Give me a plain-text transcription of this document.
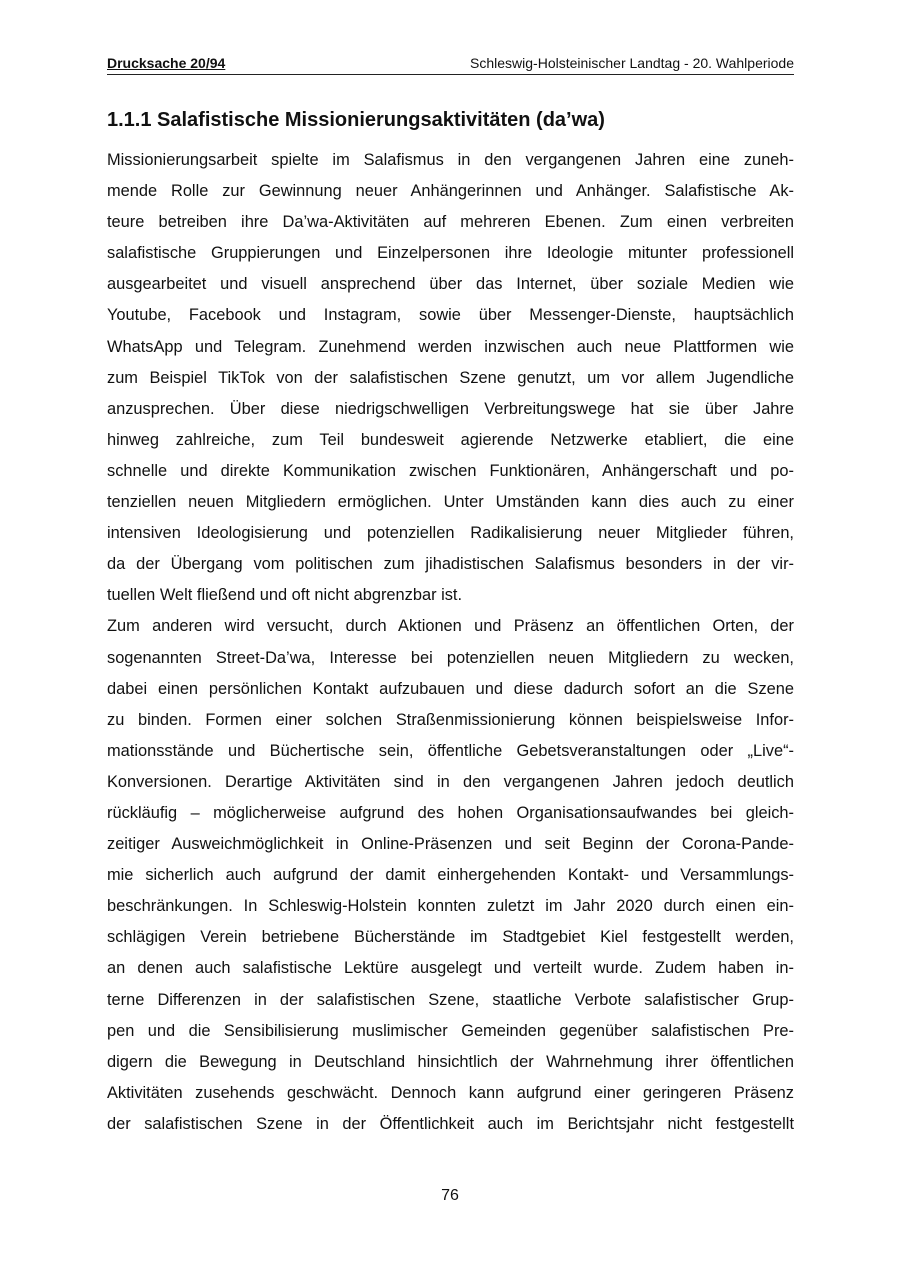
Drucksache 20/94	Schleswig-Holsteinischer Landtag - 20. Wahlperiode
1.1.1 Salafistische Missionierungsaktivitäten (da’wa)
Missionierungsarbeit spielte im Salafismus in den vergangenen Jahren eine zuneh-
mende Rolle zur Gewinnung neuer Anhängerinnen und Anhänger. Salafistische Ak-
teure betreiben ihre Da’wa-Aktivitäten auf mehreren Ebenen. Zum einen verbreiten
salafistische Gruppierungen und Einzelpersonen ihre Ideologie mitunter professionell
ausgearbeitet und visuell ansprechend über das Internet, über soziale Medien wie
Youtube, Facebook und Instagram, sowie über Messenger-Dienste, hauptsächlich
WhatsApp und Telegram. Zunehmend werden inzwischen auch neue Plattformen wie
zum Beispiel TikTok von der salafistischen Szene genutzt, um vor allem Jugendliche
anzusprechen. Über diese niedrigschwelligen Verbreitungswege hat sie über Jahre
hinweg zahlreiche, zum Teil bundesweit agierende Netzwerke etabliert, die eine
schnelle und direkte Kommunikation zwischen Funktionären, Anhängerschaft und po-
tenziellen neuen Mitgliedern ermöglichen. Unter Umständen kann dies auch zu einer
intensiven Ideologisierung und potenziellen Radikalisierung neuer Mitglieder führen,
da der Übergang vom politischen zum jihadistischen Salafismus besonders in der vir-
tuellen Welt fließend und oft nicht abgrenzbar ist.
Zum anderen wird versucht, durch Aktionen und Präsenz an öffentlichen Orten, der
sogenannten Street-Da’wa, Interesse bei potenziellen neuen Mitgliedern zu wecken,
dabei einen persönlichen Kontakt aufzubauen und diese dadurch sofort an die Szene
zu binden. Formen einer solchen Straßenmissionierung können beispielsweise Infor-
mationsstände und Büchertische sein, öffentliche Gebetsveranstaltungen oder „Live“-
Konversionen. Derartige Aktivitäten sind in den vergangenen Jahren jedoch deutlich
rückläufig – möglicherweise aufgrund des hohen Organisationsaufwandes bei gleich-
zeitiger Ausweichmöglichkeit in Online-Präsenzen und seit Beginn der Corona-Pande-
mie sicherlich auch aufgrund der damit einhergehenden Kontakt- und Versammlungs-
beschränkungen. In Schleswig-Holstein konnten zuletzt im Jahr 2020 durch einen ein-
schlägigen Verein betriebene Bücherstände im Stadtgebiet Kiel festgestellt werden,
an denen auch salafistische Lektüre ausgelegt und verteilt wurde. Zudem haben in-
terne Differenzen in der salafistischen Szene, staatliche Verbote salafistischer Grup-
pen und die Sensibilisierung muslimischer Gemeinden gegenüber salafistischen Pre-
digern die Bewegung in Deutschland hinsichtlich der Wahrnehmung ihrer öffentlichen
Aktivitäten zusehends geschwächt. Dennoch kann aufgrund einer geringeren Präsenz
der salafistischen Szene in der Öffentlichkeit auch im Berichtsjahr nicht festgestellt
76
